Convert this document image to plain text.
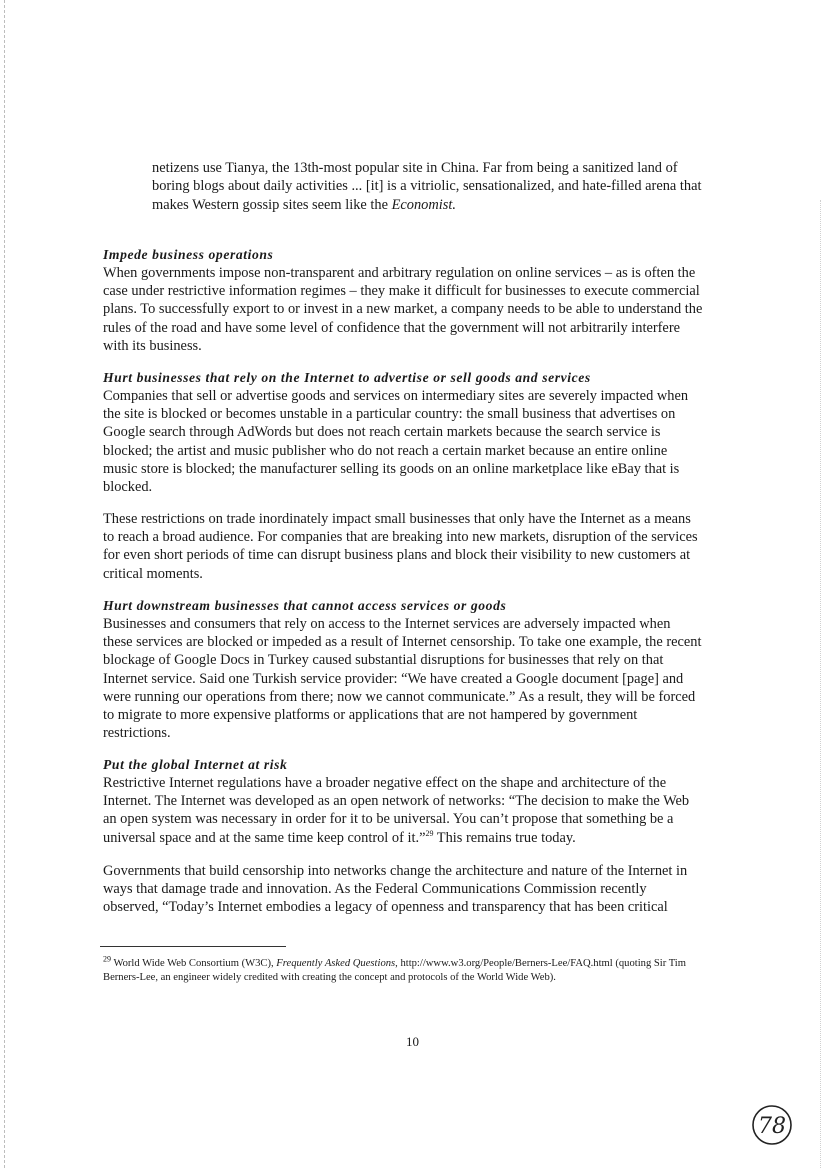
netizens use Tianya, the 13th-most popular site in China. Far from being a sanitized land of boring blogs about daily activities ... [it] is a vitriolic, sensationalized, and hate-filled arena that makes Western gossip sites seem like the Economist.
Impede business operations
When governments impose non-transparent and arbitrary regulation on online services – as is often the case under restrictive information regimes – they make it difficult for businesses to execute commercial plans. To successfully export to or invest in a new market, a company needs to be able to understand the rules of the road and have some level of confidence that the government will not arbitrarily interfere with its business.
Hurt businesses that rely on the Internet to advertise or sell goods and services
Companies that sell or advertise goods and services on intermediary sites are severely impacted when the site is blocked or becomes unstable in a particular country: the small business that advertises on Google search through AdWords but does not reach certain markets because the search service is blocked; the artist and music publisher who do not reach a certain market because an entire online music store is blocked; the manufacturer selling its goods on an online marketplace like eBay that is blocked.
These restrictions on trade inordinately impact small businesses that only have the Internet as a means to reach a broad audience. For companies that are breaking into new markets, disruption of the services for even short periods of time can disrupt business plans and block their visibility to new customers at critical moments.
Hurt downstream businesses that cannot access services or goods
Businesses and consumers that rely on access to the Internet services are adversely impacted when these services are blocked or impeded as a result of Internet censorship. To take one example, the recent blockage of Google Docs in Turkey caused substantial disruptions for businesses that rely on that Internet service. Said one Turkish service provider: “We have created a Google document [page] and were running our operations from there; now we cannot communicate.” As a result, they will be forced to migrate to more expensive platforms or applications that are not hampered by government restrictions.
Put the global Internet at risk
Restrictive Internet regulations have a broader negative effect on the shape and architecture of the Internet. The Internet was developed as an open network of networks: “The decision to make the Web an open system was necessary in order for it to be universal. You can’t propose that something be a universal space and at the same time keep control of it.”$^{29}$ This remains true today.
Governments that build censorship into networks change the architecture and nature of the Internet in ways that damage trade and innovation. As the Federal Communications Commission recently observed, “Today’s Internet embodies a legacy of openness and transparency that has been critical
$^{29}$ World Wide Web Consortium (W3C), Frequently Asked Questions, http://www.w3.org/People/Berners-Lee/FAQ.html (quoting Sir Tim Berners-Lee, an engineer widely credited with creating the concept and protocols of the World Wide Web).
10
78
